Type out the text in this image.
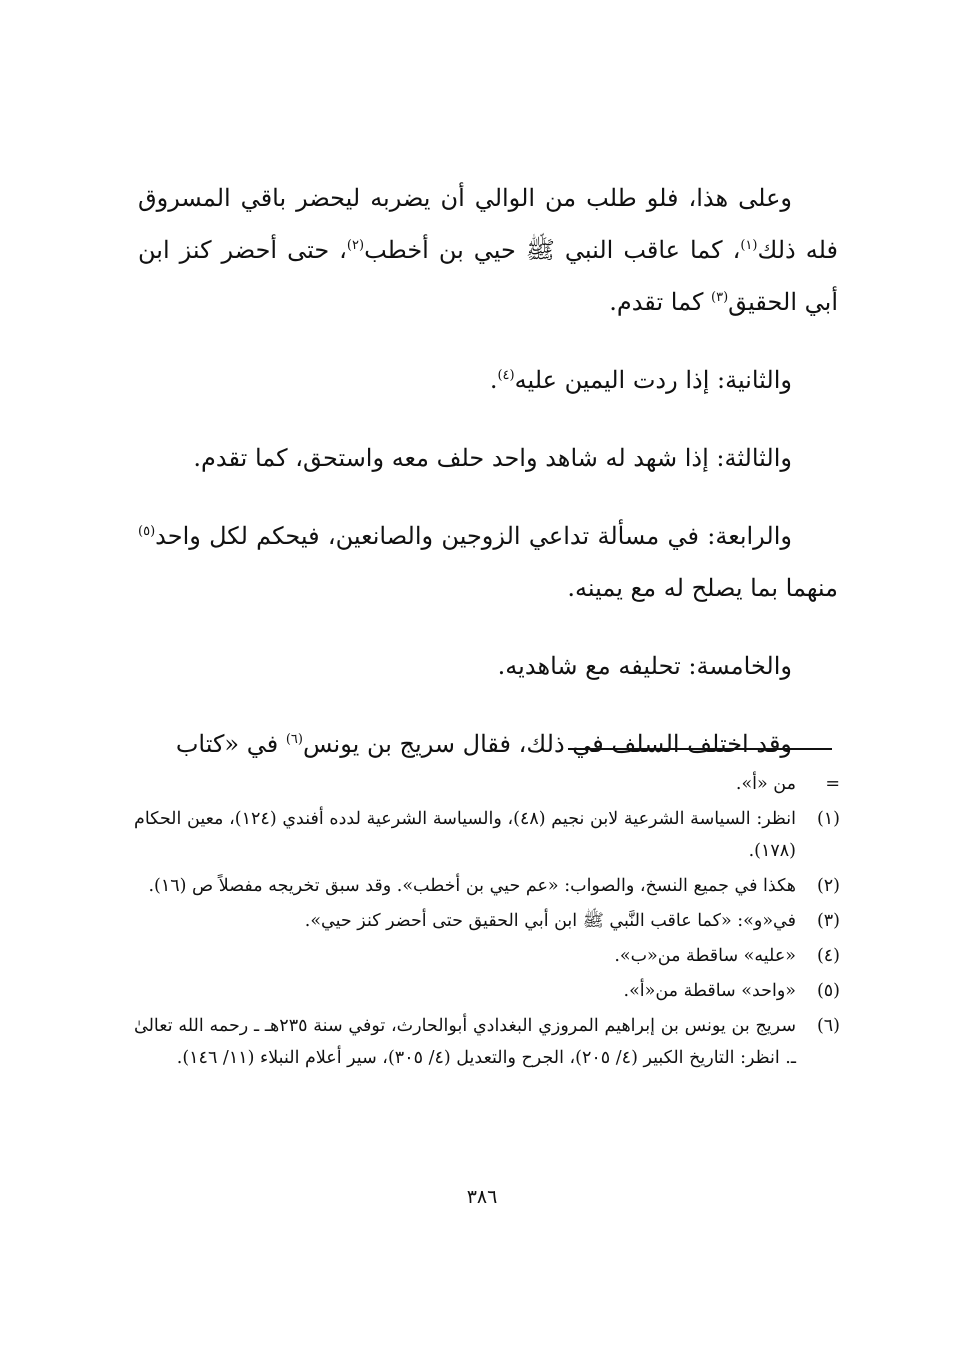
وعلى هذا، فلو طلب من الوالي أن يضربه ليحضر باقي المسروق فله ذلك$^{(١)}$، كما عاقب النبي ﷺ حيي بن أخطب$^{(٢)}$، حتى أحضر كنز ابن أبي الحقيق$^{(٣)}$ كما تقدم.

والثانية: إذا ردت اليمين عليه$^{(٤)}$.

والثالثة: إذا شهد له شاهد واحد حلف معه واستحق، كما تقدم.

والرابعة: في مسألة تداعي الزوجين والصانعين، فيحكم لكل واحد$^{(٥)}$ منهما بما يصلح له مع يمينه.

والخامسة: تحليفه مع شاهديه.

وقد اختلف السلف في ذلك، فقال سريج بن يونس$^{(٦)}$ في «كتاب

=
من «أ».
(١)
انظر: السياسة الشرعية لابن نجيم (٤٨)، والسياسة الشرعية لدده أفندي (١٢٤)، معين الحكام (١٧٨).
(٢)
هكذا في جميع النسخ، والصواب: «عم حيي بن أخطب». وقد سبق تخريجه مفصلاً ص (١٦).
(٣)
في«و»: «كما عاقب النَّبي ﷺ ابن أبي الحقيق حتى أحضر كنز حيي».
(٤)
«عليه» ساقطة من«ب».
(٥)
«واحد» ساقطة من«أ».
(٦)
سريج بن يونس بن إبراهيم المروزي البغدادي أبوالحارث، توفي سنة ٢٣٥هـ ـ رحمه الله تعالىٰ ـ. انظر: التاريخ الكبير (٤/ ٢٠٥)، الجرح والتعديل (٤/ ٣٠٥)، سير أعلام النبلاء (١١/ ١٤٦).
٣٨٦
